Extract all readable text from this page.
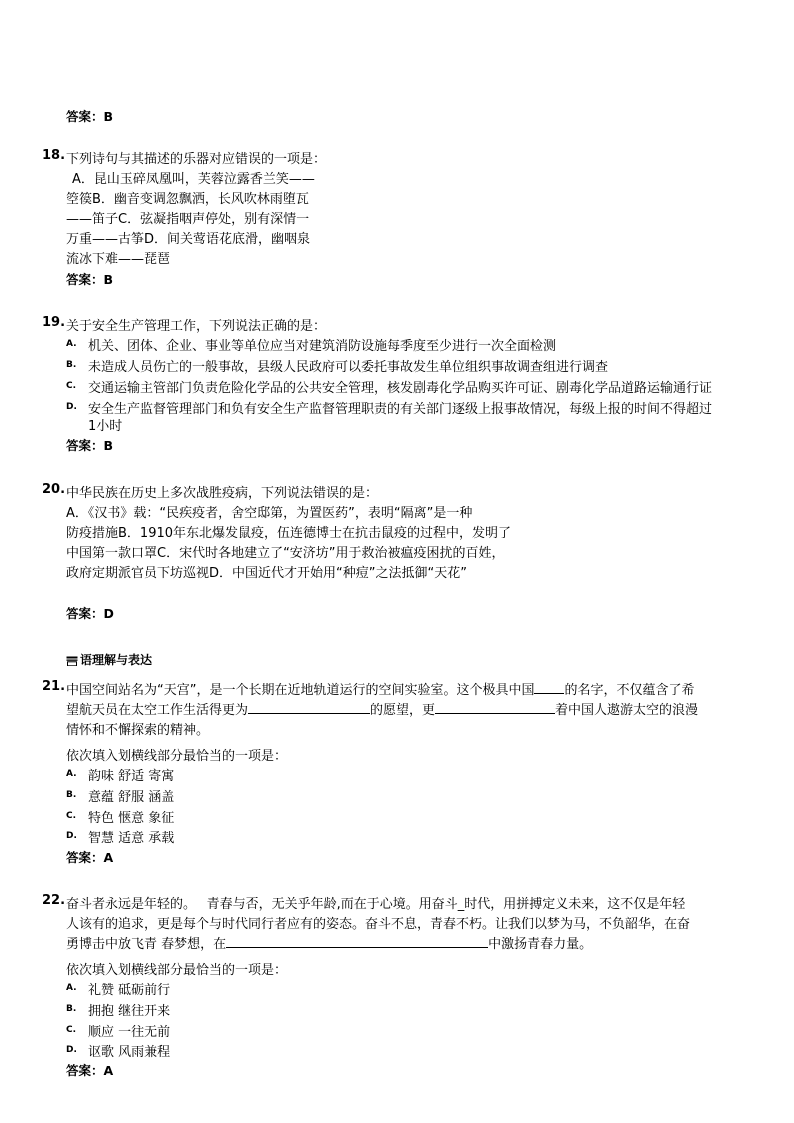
答案：B
18. 下列诗句与其描述的乐器对应错误的一项是：
A．昆山玉碎凤凰叫，芙蓉泣露香兰笑——
箜篌B．幽音变调忽飘洒，长风吹林雨堕瓦
——笛子C．弦凝指咽声停处，别有深情一
万重——古筝D．间关莺语花底滑，幽咽泉
流冰下难——琵琶
答案：B
19. 关于安全生产管理工作，下列说法正确的是：
A. 机关、团体、企业、事业等单位应当对建筑消防设施每季度至少进行一次全面检测
B. 未造成人员伤亡的一般事故，县级人民政府可以委托事故发生单位组织事故调查组进行调查
C. 交通运输主管部门负责危险化学品的公共安全管理，核发剧毒化学品购买许可证、剧毒化学品道路运输通行证
D. 安全生产监督管理部门和负有安全生产监督管理职责的有关部门逐级上报事故情况，每级上报的时间不得超过
1小时
答案：B
20. 中华民族在历史上多次战胜疫病，下列说法错误的是：
A．《汉书》载：“民疾疫者，舍空邸第，为置医药”，表明“隔离”是一种
防疫措施B．1910年东北爆发鼠疫，伍连德博士在抗击鼠疫的过程中，发明了
中国第一款口罩C．宋代时各地建立了“安济坊”用于救治被瘟疫困扰的百姓，
政府定期派官员下坊巡视D．中国近代才开始用“种痘”之法抵御“天花”
答案：D
语理解与表达
21. 中国空间站名为“天宫”，是一个长期在近地轨道运行的空间实验室。这个极具中国 的名字，不仅蕴含了希
望航天员在太空工作生活得更为	的愿望，更	着中国人遨游太空的浪漫
情怀和不懈探索的精神。
依次填入划横线部分最恰当的一项是：
A. 韵味 舒适 寄寓
B. 意蕴 舒服 涵盖
C. 特色 惬意 象征
D. 智慧 适意 承载
答案：A
22. 奋斗者永远是年轻的。　 青春与否，无关乎年龄,而在于心境。用奋斗_时代，用拼搏定义未来，这不仅是年轻
人该有的追求，更是每个与时代同行者应有的姿态。奋斗不息，青春不朽。让我们以梦为马，不负韶华，在奋
勇博击中放飞青 春梦想，在	中激扬青春力量。
依次填入划横线部分最恰当的一项是：
A. 礼赞 砥砺前行
B. 拥抱 继往开来
C. 顺应 一往无前
D. 讴歌 风雨兼程
答案：A
